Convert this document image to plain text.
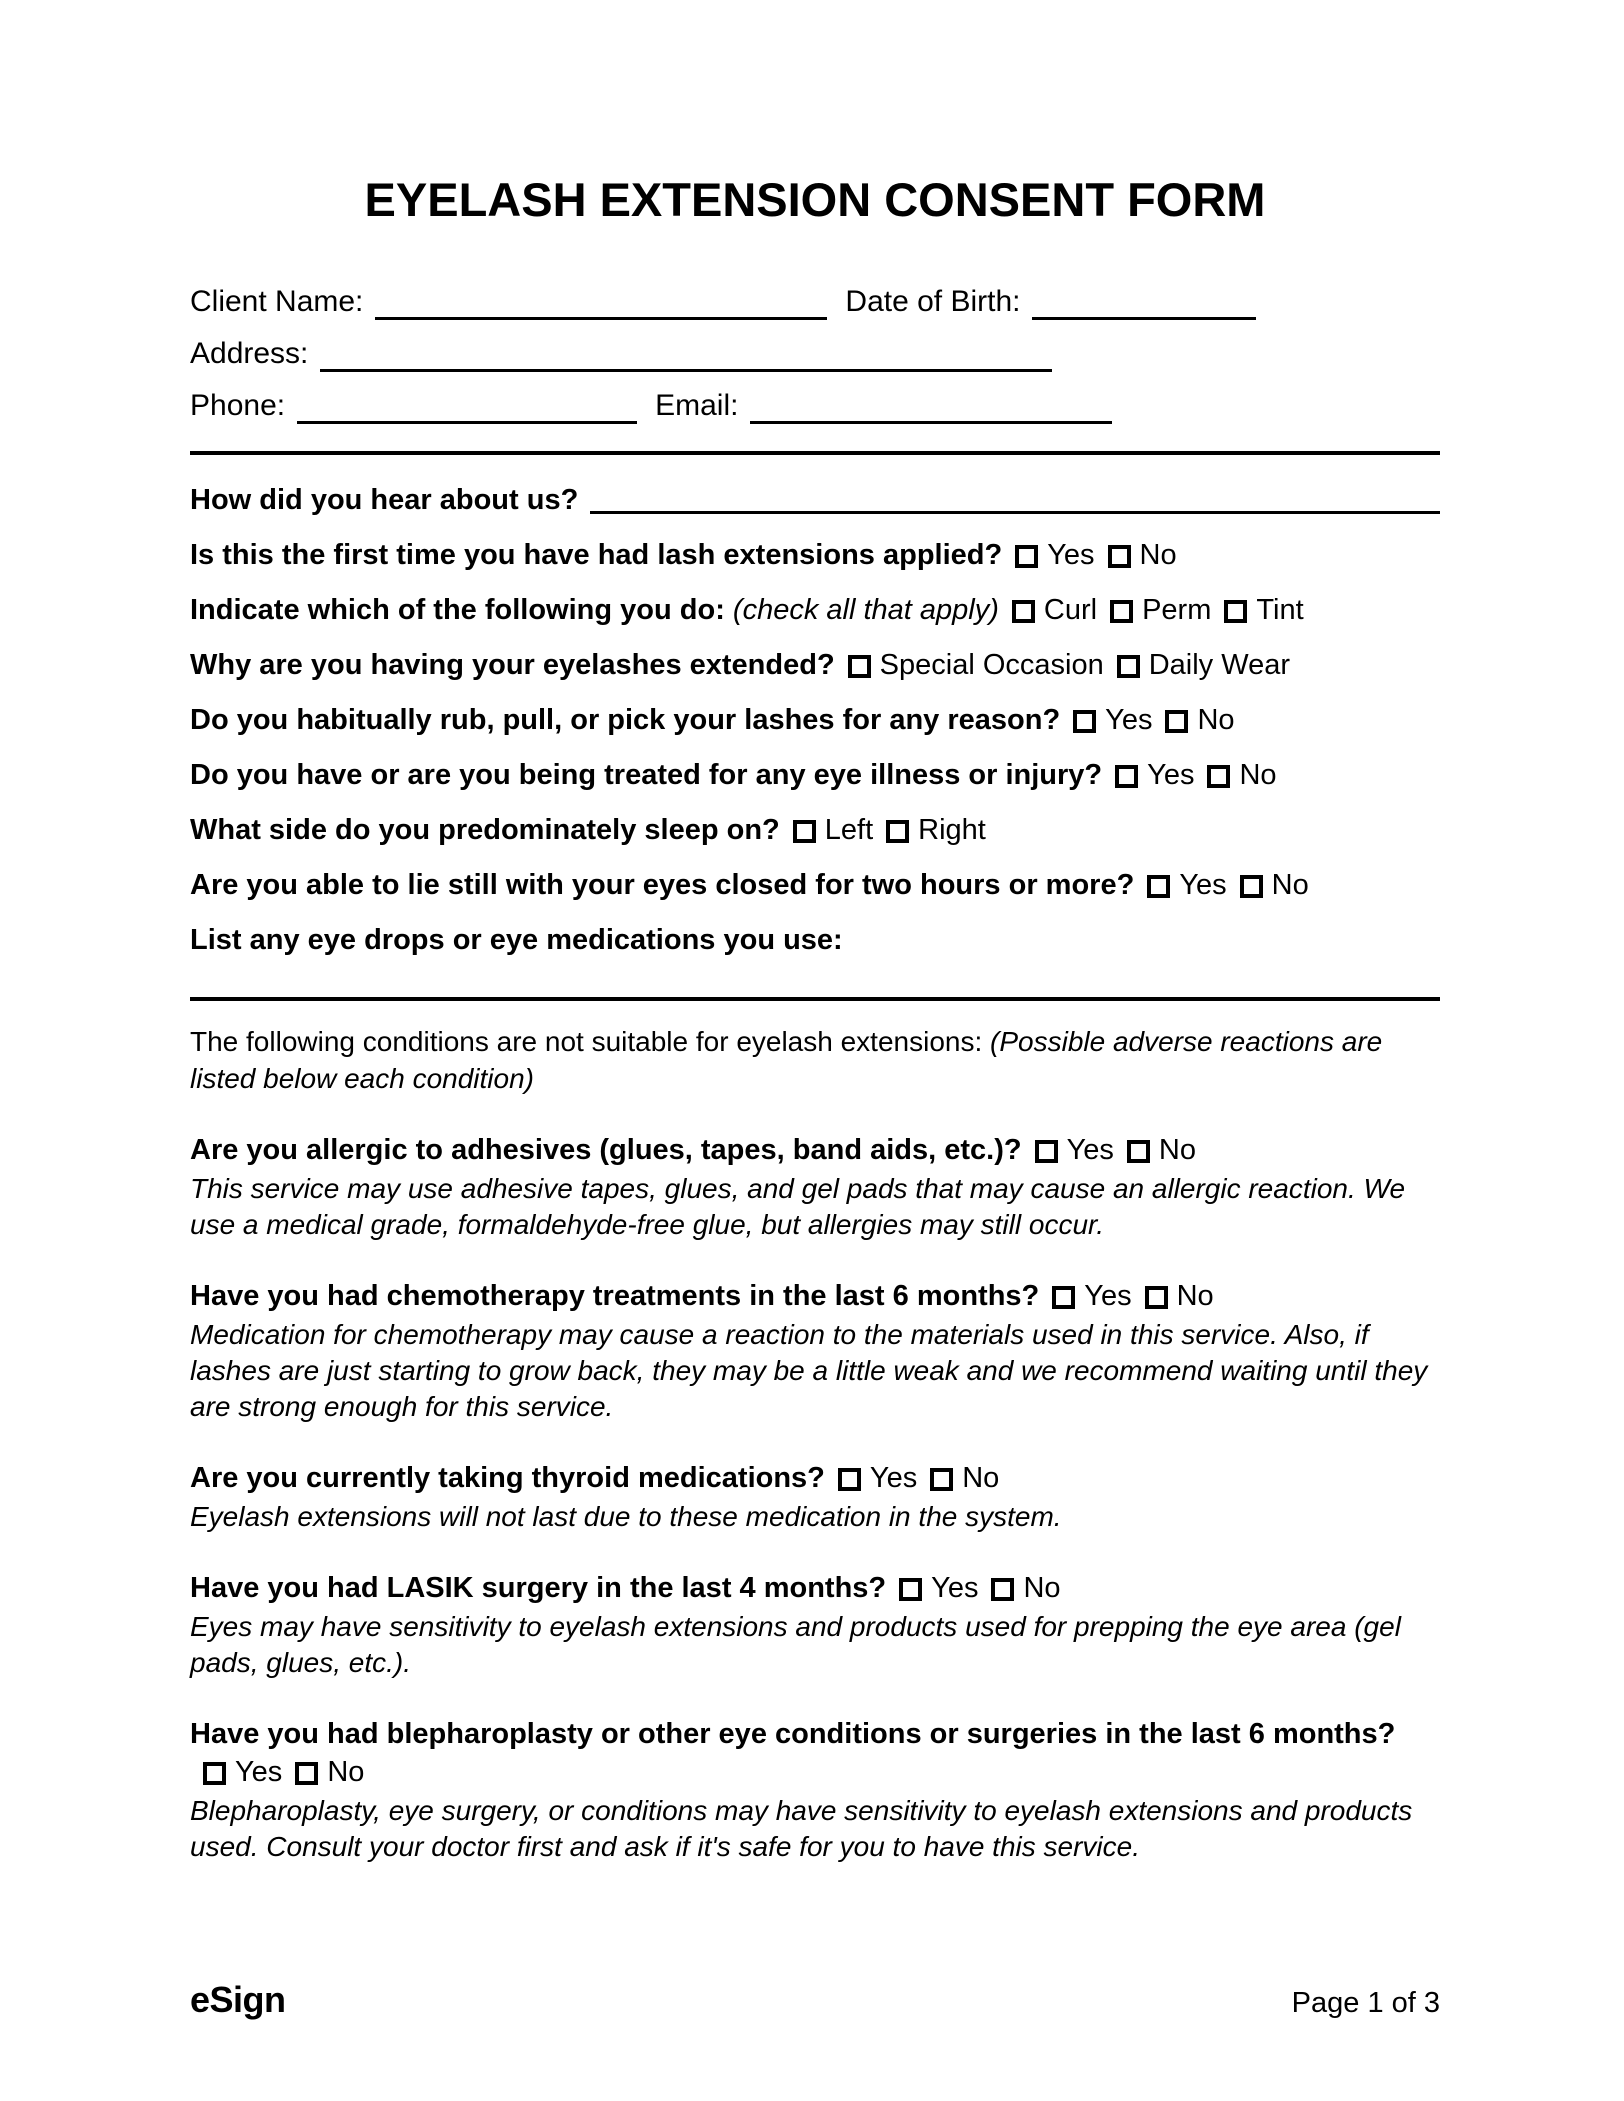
EYELASH EXTENSION CONSENT FORM
Client Name:	Date of Birth:
Address:
Phone:	Email:
How did you hear about us?
Is this the first time you have had lash extensions applied? Yes No
Indicate which of the following you do: (check all that apply) Curl Perm Tint
Why are you having your eyelashes extended? Special Occasion Daily Wear
Do you habitually rub, pull, or pick your lashes for any reason? Yes No
Do you have or are you being treated for any eye illness or injury? Yes No
What side do you predominately sleep on? Left Right
Are you able to lie still with your eyes closed for two hours or more? Yes No
List any eye drops or eye medications you use:

The following conditions are not suitable for eyelash extensions: (Possible adverse reactions are listed below each condition)

Are you allergic to adhesives (glues, tapes, band aids, etc.)? Yes No
This service may use adhesive tapes, glues, and gel pads that may cause an allergic reaction. We use a medical grade, formaldehyde-free glue, but allergies may still occur.
Have you had chemotherapy treatments in the last 6 months? Yes No
Medication for chemotherapy may cause a reaction to the materials used in this service. Also, if lashes are just starting to grow back, they may be a little weak and we recommend waiting until they are strong enough for this service.
Are you currently taking thyroid medications? Yes No
Eyelash extensions will not last due to these medication in the system.
Have you had LASIK surgery in the last 4 months? Yes No
Eyes may have sensitivity to eyelash extensions and products used for prepping the eye area (gel pads, glues, etc.).
Have you had blepharoplasty or other eye conditions or surgeries in the last 6 months?Yes No
Blepharoplasty, eye surgery, or conditions may have sensitivity to eyelash extensions and products used. Consult your doctor first and ask if it's safe for you to have this service.
eSign	Page 1 of 3
